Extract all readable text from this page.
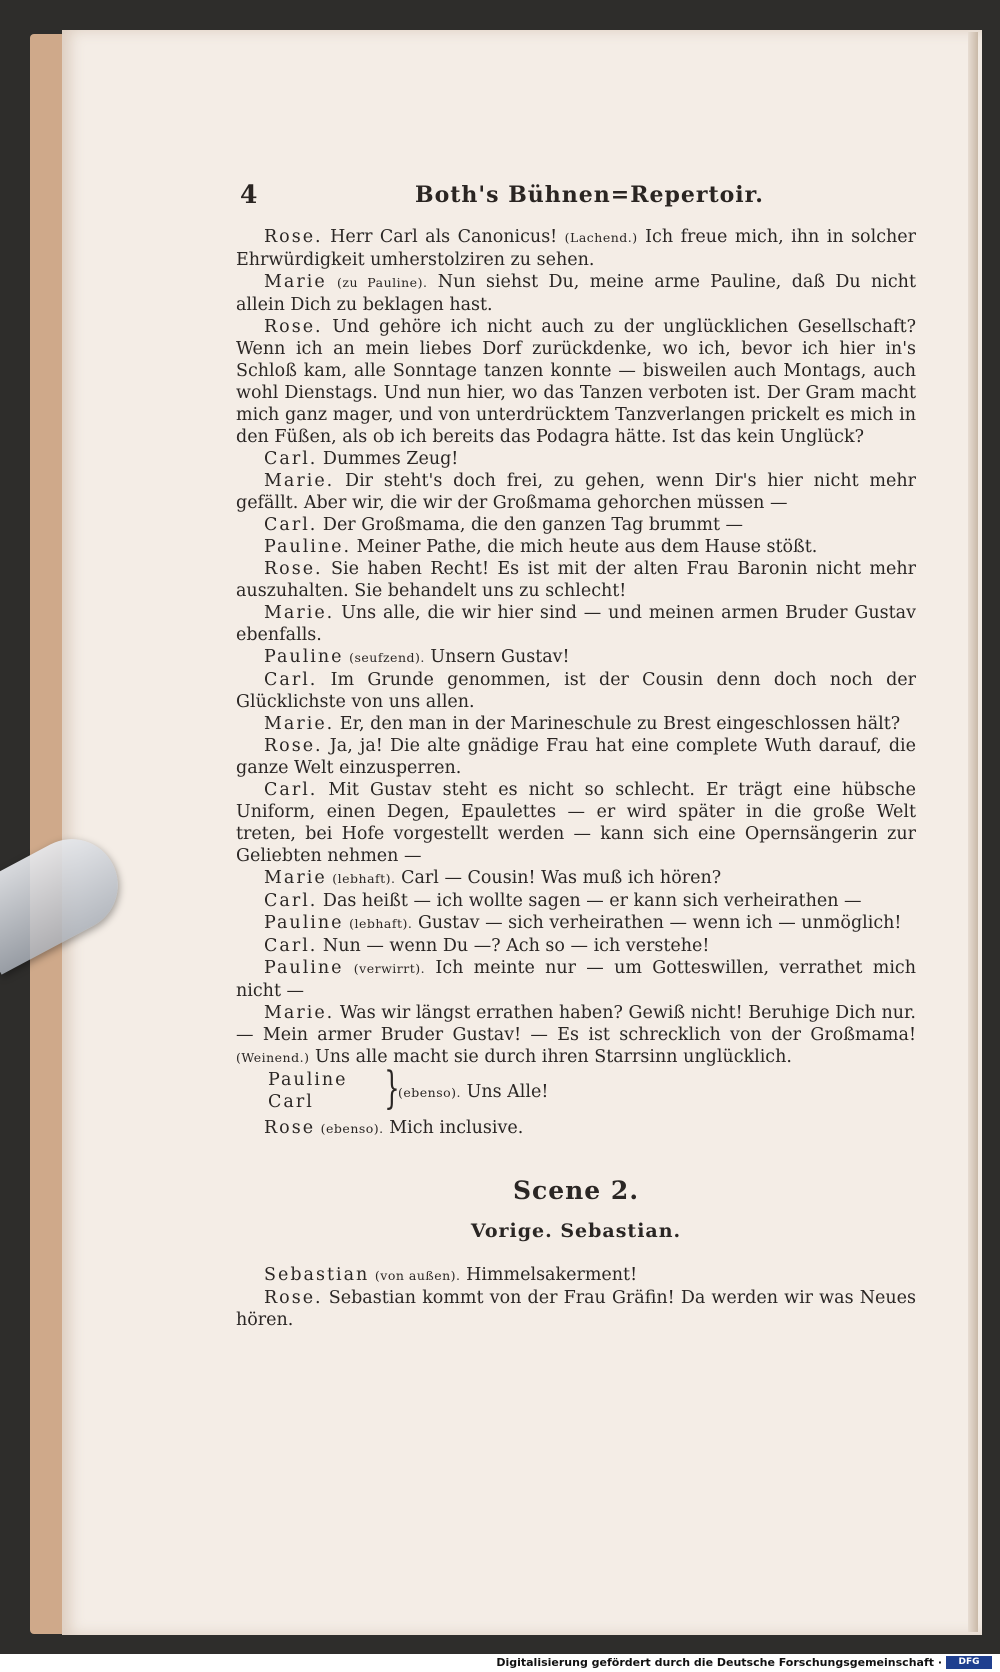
4	Both's Bühnen=Repertoir.

Rose. Herr Carl als Canonicus! (Lachend.) Ich freue mich, ihn in solcher Ehrwürdigkeit umherstolziren zu sehen.

Marie (zu Pauline). Nun siehst Du, meine arme Pauline, daß Du nicht allein Dich zu beklagen hast.

Rose. Und gehöre ich nicht auch zu der unglücklichen Gesellschaft? Wenn ich an mein liebes Dorf zurückdenke, wo ich, bevor ich hier in's Schloß kam, alle Sonntage tanzen konnte — bisweilen auch Montags, auch wohl Dienstags. Und nun hier, wo das Tanzen verboten ist. Der Gram macht mich ganz mager, und von unterdrücktem Tanzverlangen prickelt es mich in den Füßen, als ob ich bereits das Podagra hätte. Ist das kein Unglück?

Carl. Dummes Zeug!

Marie. Dir steht's doch frei, zu gehen, wenn Dir's hier nicht mehr gefällt. Aber wir, die wir der Großmama gehorchen müssen —

Carl. Der Großmama, die den ganzen Tag brummt —

Pauline. Meiner Pathe, die mich heute aus dem Hause stößt.

Rose. Sie haben Recht! Es ist mit der alten Frau Baronin nicht mehr auszuhalten. Sie behandelt uns zu schlecht!

Marie. Uns alle, die wir hier sind — und meinen armen Bruder Gustav ebenfalls.

Pauline (seufzend). Unsern Gustav!

Carl. Im Grunde genommen, ist der Cousin denn doch noch der Glücklichste von uns allen.

Marie. Er, den man in der Marineschule zu Brest eingeschlossen hält?

Rose. Ja, ja! Die alte gnädige Frau hat eine complete Wuth darauf, die ganze Welt einzusperren.

Carl. Mit Gustav steht es nicht so schlecht. Er trägt eine hübsche Uniform, einen Degen, Epaulettes — er wird später in die große Welt treten, bei Hofe vorgestellt werden — kann sich eine Opernsängerin zur Geliebten nehmen —

Marie (lebhaft). Carl — Cousin! Was muß ich hören?

Carl. Das heißt — ich wollte sagen — er kann sich verheirathen —

Pauline (lebhaft). Gustav — sich verheirathen — wenn ich — unmöglich!

Carl. Nun — wenn Du —? Ach so — ich verstehe!

Pauline (verwirrt). Ich meinte nur — um Gotteswillen, verrathet mich nicht —

Marie. Was wir längst errathen haben? Gewiß nicht! Beruhige Dich nur. — Mein armer Bruder Gustav! — Es ist schrecklich von der Großmama! (Weinend.) Uns alle macht sie durch ihren Starrsinn unglücklich.

Pauline
Carl	}
(ebenso). Uns Alle!

Rose (ebenso). Mich inclusive.

Scene 2.
Vorige. Sebastian.

Sebastian (von außen). Himmelsakerment!

Rose. Sebastian kommt von der Frau Gräfin! Da werden wir was Neues hören.

Digitalisierung gefördert durch die Deutsche Forschungsgemeinschaft ·	DFG
